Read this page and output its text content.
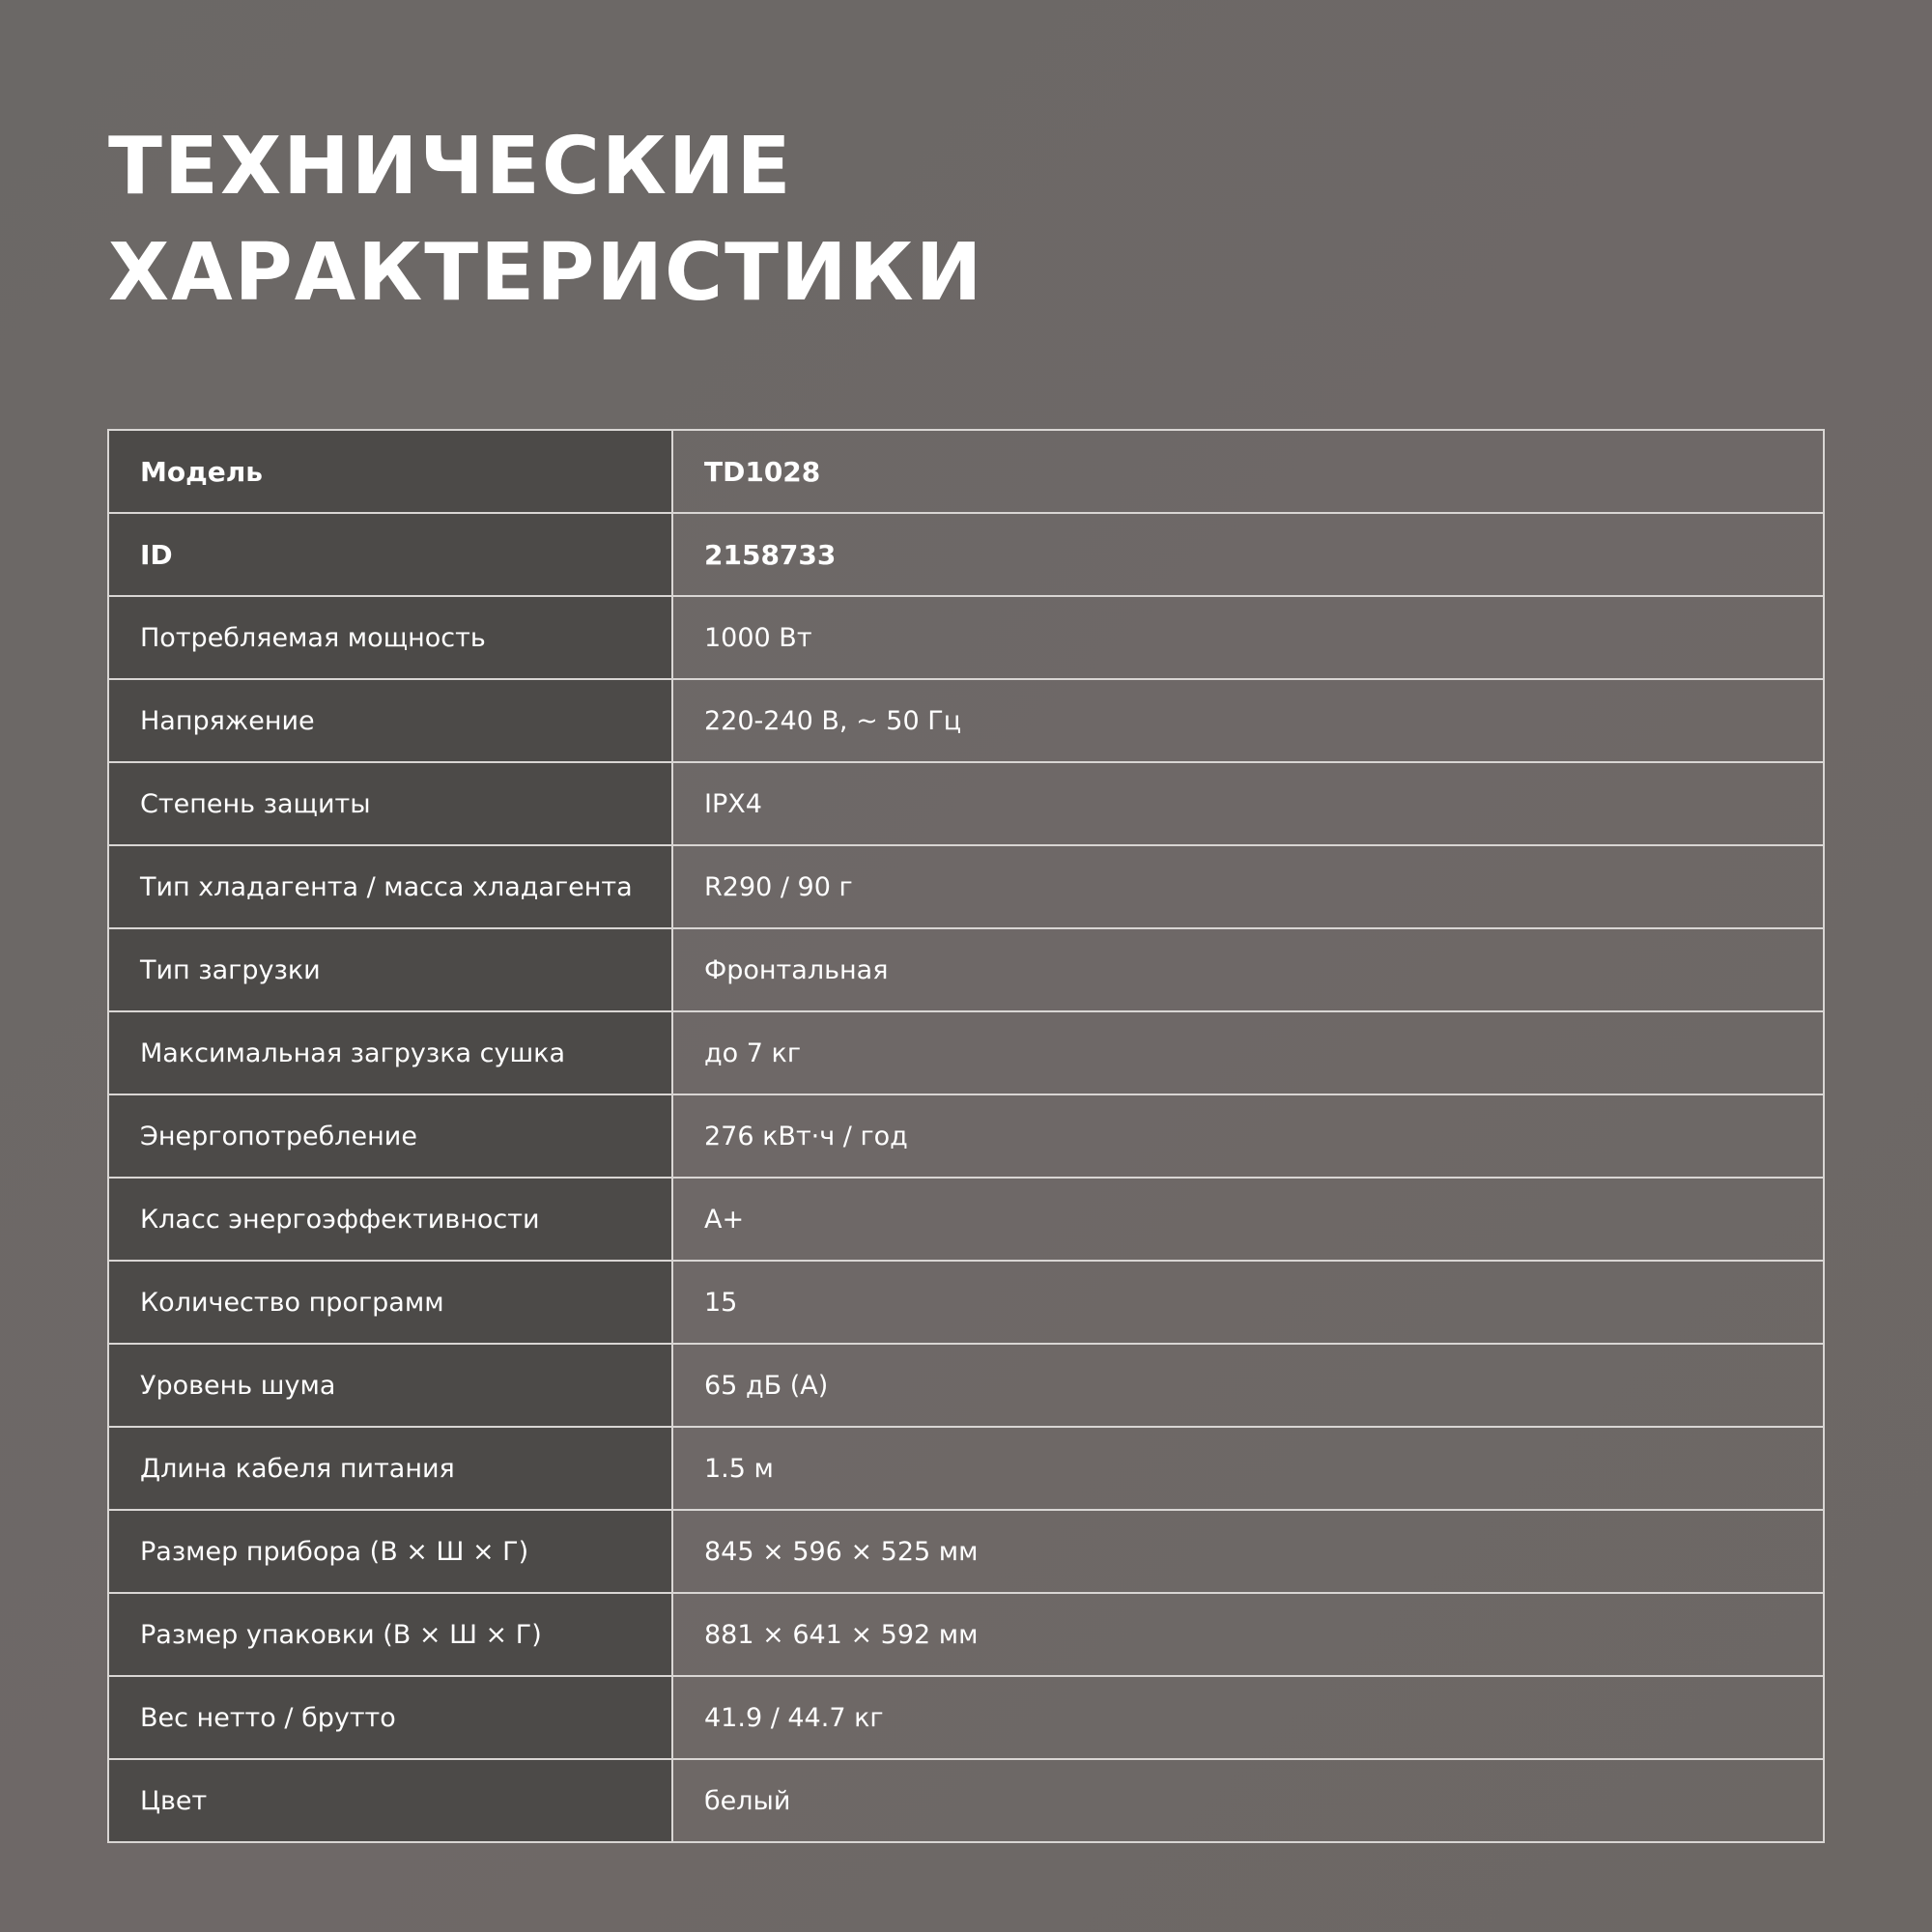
ТЕХНИЧЕСКИЕ
ХАРАКТЕРИСТИКИ
Модель	TD1028
ID	2158733
Потребляемая мощность	1000 Вт
Напряжение	220-240 В, ~ 50 Гц
Степень защиты	IPX4
Тип хладагента / масса хладагента	R290 / 90 г
Тип загрузки	Фронтальная
Максимальная загрузка сушка	до 7 кг
Энергопотребление	276 кВт·ч / год
Класс энергоэффективности	A+
Количество программ	15
Уровень шума	65 дБ (А)
Длина кабеля питания	1.5 м
Размер прибора (В × Ш × Г)	845 × 596 × 525 мм
Размер упаковки (В × Ш × Г)	881 × 641 × 592 мм
Вес нетто / брутто	41.9 / 44.7 кг
Цвет	белый
